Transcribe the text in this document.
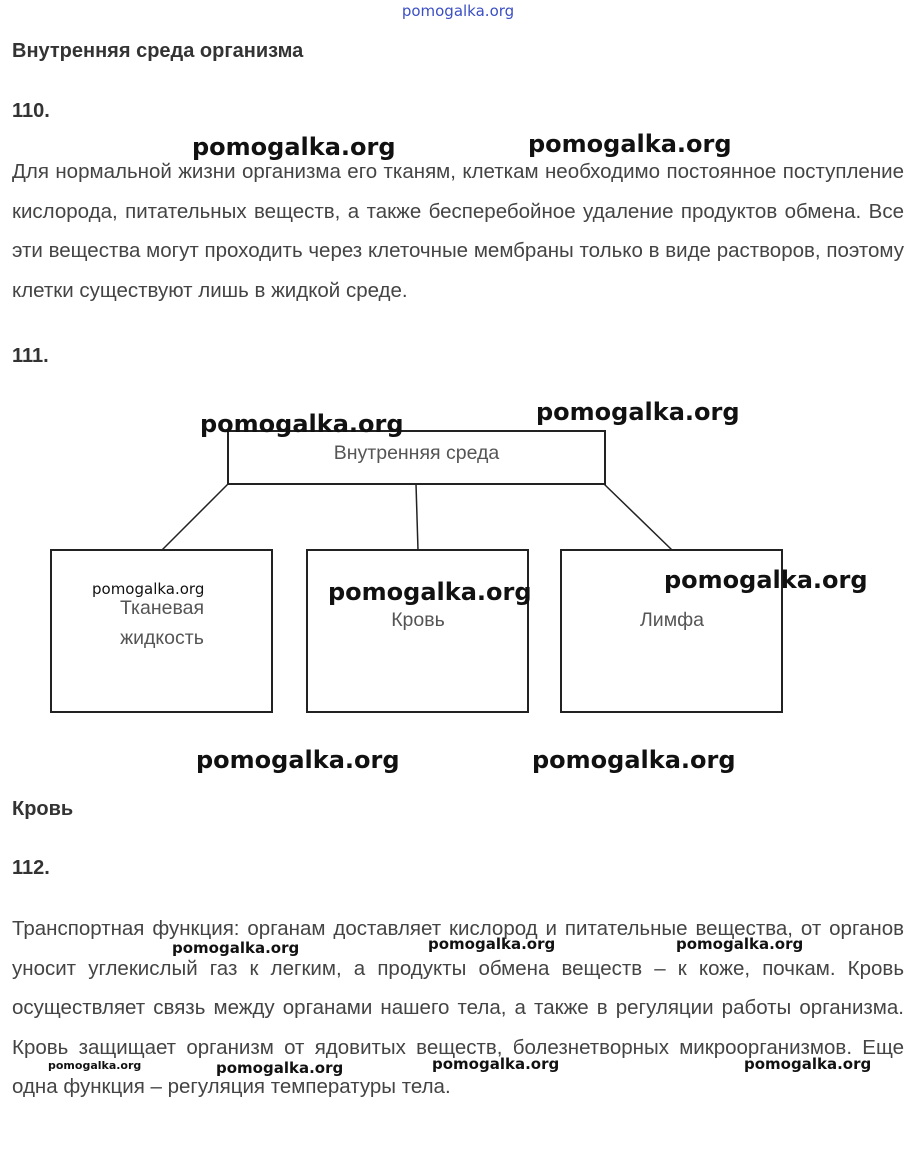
pomogalka.org
Внутренняя среда организма
110.
Для нормальной жизни организма его тканям, клеткам необходимо постоянное поступление кислорода, питательных веществ, а также бесперебойное удаление продуктов обмена. Все эти вещества могут проходить через клеточные мембраны только в виде растворов, поэтому клетки существуют лишь в жидкой среде.
111.
Внутренняя среда
Тканевая
жидкость
Кровь	Лимфа
Кровь
112.
Транспортная функция: органам доставляет кислород и питательные вещества, от органов уносит углекислый газ к легким, а продукты обмена веществ – к коже, почкам. Кровь осуществляет связь между органами нашего тела, а также в регуляции работы организма. Кровь защищает организм от ядовитых веществ, болезнетворных микроорганизмов. Еще одна функция – регуляция температуры тела.
pomogalka.org	pomogalka.org
pomogalka.org	pomogalka.org
pomogalka.org	pomogalka.org	pomogalka.org
pomogalka.org	pomogalka.org
pomogalka.org	pomogalka.org	pomogalka.org
pomogalka.org	pomogalka.org	pomogalka.org	pomogalka.org
